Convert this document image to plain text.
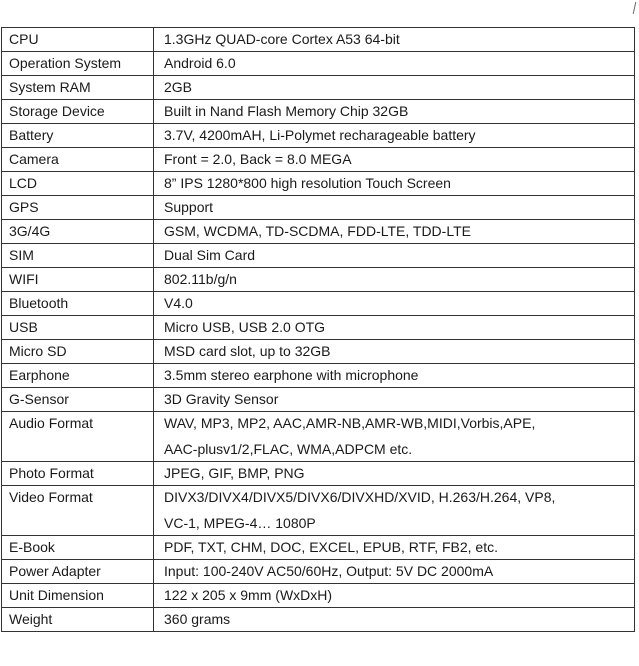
CPU	1.3GHz QUAD-core Cortex A53 64-bit

Operation System	Android 6.0

System RAM	2GB

Storage Device	Built in Nand Flash Memory Chip 32GB

Battery	3.7V, 4200mAH, Li-Polymet recharageable battery

Camera	Front = 2.0, Back = 8.0 MEGA

LCD	8” IPS 1280*800 high resolution Touch Screen

GPS	Support

3G/4G	GSM, WCDMA, TD-SCDMA, FDD-LTE, TDD-LTE

SIM	Dual Sim Card

WIFI	802.11b/g/n

Bluetooth	V4.0

USB	Micro USB, USB 2.0 OTG

Micro SD	MSD card slot, up to 32GB

Earphone	3.5mm stereo earphone with microphone

G-Sensor	3D Gravity Sensor

Audio Format	WAV, MP3, MP2, AAC,AMR-NB,AMR-WB,MIDI,Vorbis,APE,
AAC-plusv1/2,FLAC, WMA,ADPCM etc.

Photo Format	JPEG, GIF, BMP, PNG

Video Format	DIVX3/DIVX4/DIVX5/DIVX6/DIVXHD/XVID, H.263/H.264, VP8,
VC-1, MPEG-4… 1080P

E-Book	PDF, TXT, CHM, DOC, EXCEL, EPUB, RTF, FB2, etc.

Power Adapter	Input: 100-240V AC50/60Hz, Output: 5V DC 2000mA

Unit Dimension	122 x 205 x 9mm (WxDxH)

Weight	360 grams
